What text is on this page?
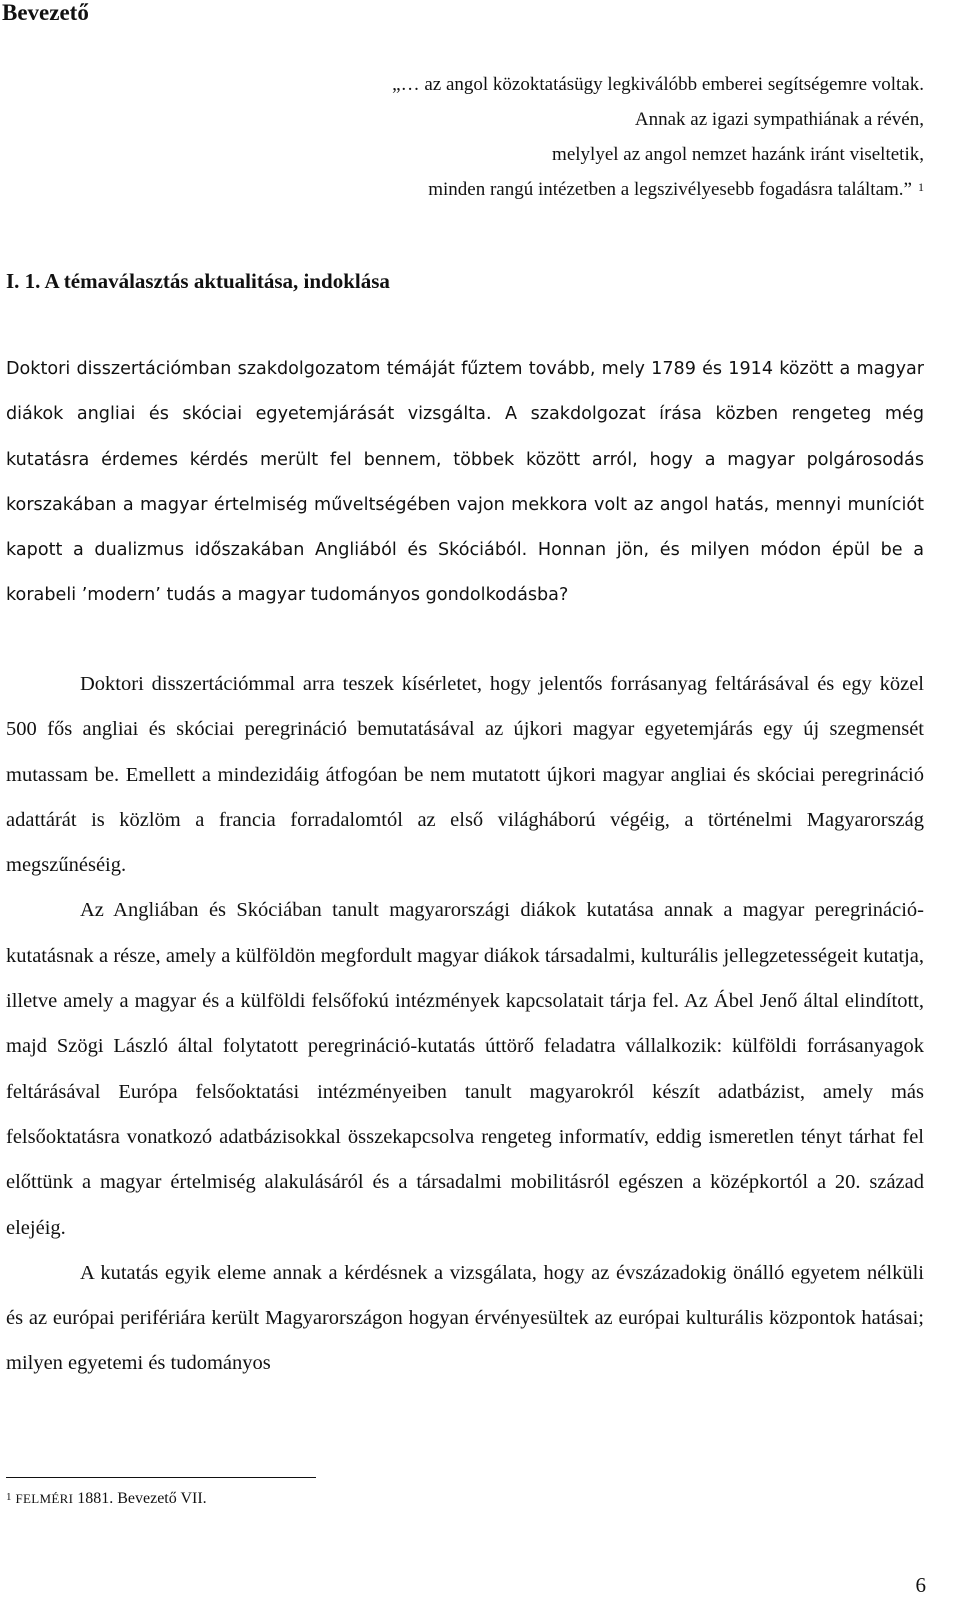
Bevezető
„… az angol közoktatásügy legkiválóbb emberei segítségemre voltak.
Annak az igazi sympathiának a révén,
melylyel az angol nemzet hazánk iránt viseltetik,
minden rangú intézetben a legszivélyesebb fogadásra találtam.” $^1$
I. 1. A témaválasztás aktualitása, indoklása

Doktori disszertációmban szakdolgozatom témáját fűztem tovább, mely 1789 és 1914 között a magyar diákok angliai és skóciai egyetemjárását vizsgálta. A szakdolgozat írása közben rengeteg még kutatásra érdemes kérdés merült fel bennem, többek között arról, hogy a magyar polgárosodás korszakában a magyar értelmiség műveltségében vajon mekkora volt az angol hatás, mennyi muníciót kapott a dualizmus időszakában Angliából és Skóciából. Honnan jön, és milyen módon épül be a korabeli ’modern’ tudás a magyar tudományos gondolkodásba?

Doktori disszertációmmal arra teszek kísérletet, hogy jelentős forrásanyag feltárásával és egy közel 500 fős angliai és skóciai peregrináció bemutatásával az újkori magyar egyetemjárás egy új szegmensét mutassam be. Emellett a mindezidáig átfogóan be nem mutatott újkori magyar angliai és skóciai peregrináció adattárát is közlöm a francia forradalomtól az első világháború végéig, a történelmi Magyarország megszűnéséig.

Az Angliában és Skóciában tanult magyarországi diákok kutatása annak a magyar peregrináció-kutatásnak a része, amely a külföldön megfordult magyar diákok társadalmi, kulturális jellegzetességeit kutatja, illetve amely a magyar és a külföldi felsőfokú intézmények kapcsolatait tárja fel. Az Ábel Jenő által elindított, majd Szögi László által folytatott peregrináció-kutatás úttörő feladatra vállalkozik: külföldi forrásanyagok feltárásával Európa felsőoktatási intézményeiben tanult magyarokról készít adatbázist, amely más felsőoktatásra vonatkozó adatbázisokkal összekapcsolva rengeteg informatív, eddig ismeretlen tényt tárhat fel előttünk a magyar értelmiség alakulásáról és a társadalmi mobilitásról egészen a középkortól a 20. század elejéig.

A kutatás egyik eleme annak a kérdésnek a vizsgálata, hogy az évszázadokig önálló egyetem nélküli és az európai perifériára került Magyarországon hogyan érvényesültek az európai kulturális központok hatásai; milyen egyetemi és tudományos

$^1$ FELMÉRI 1881. Bevezető VII.
6
